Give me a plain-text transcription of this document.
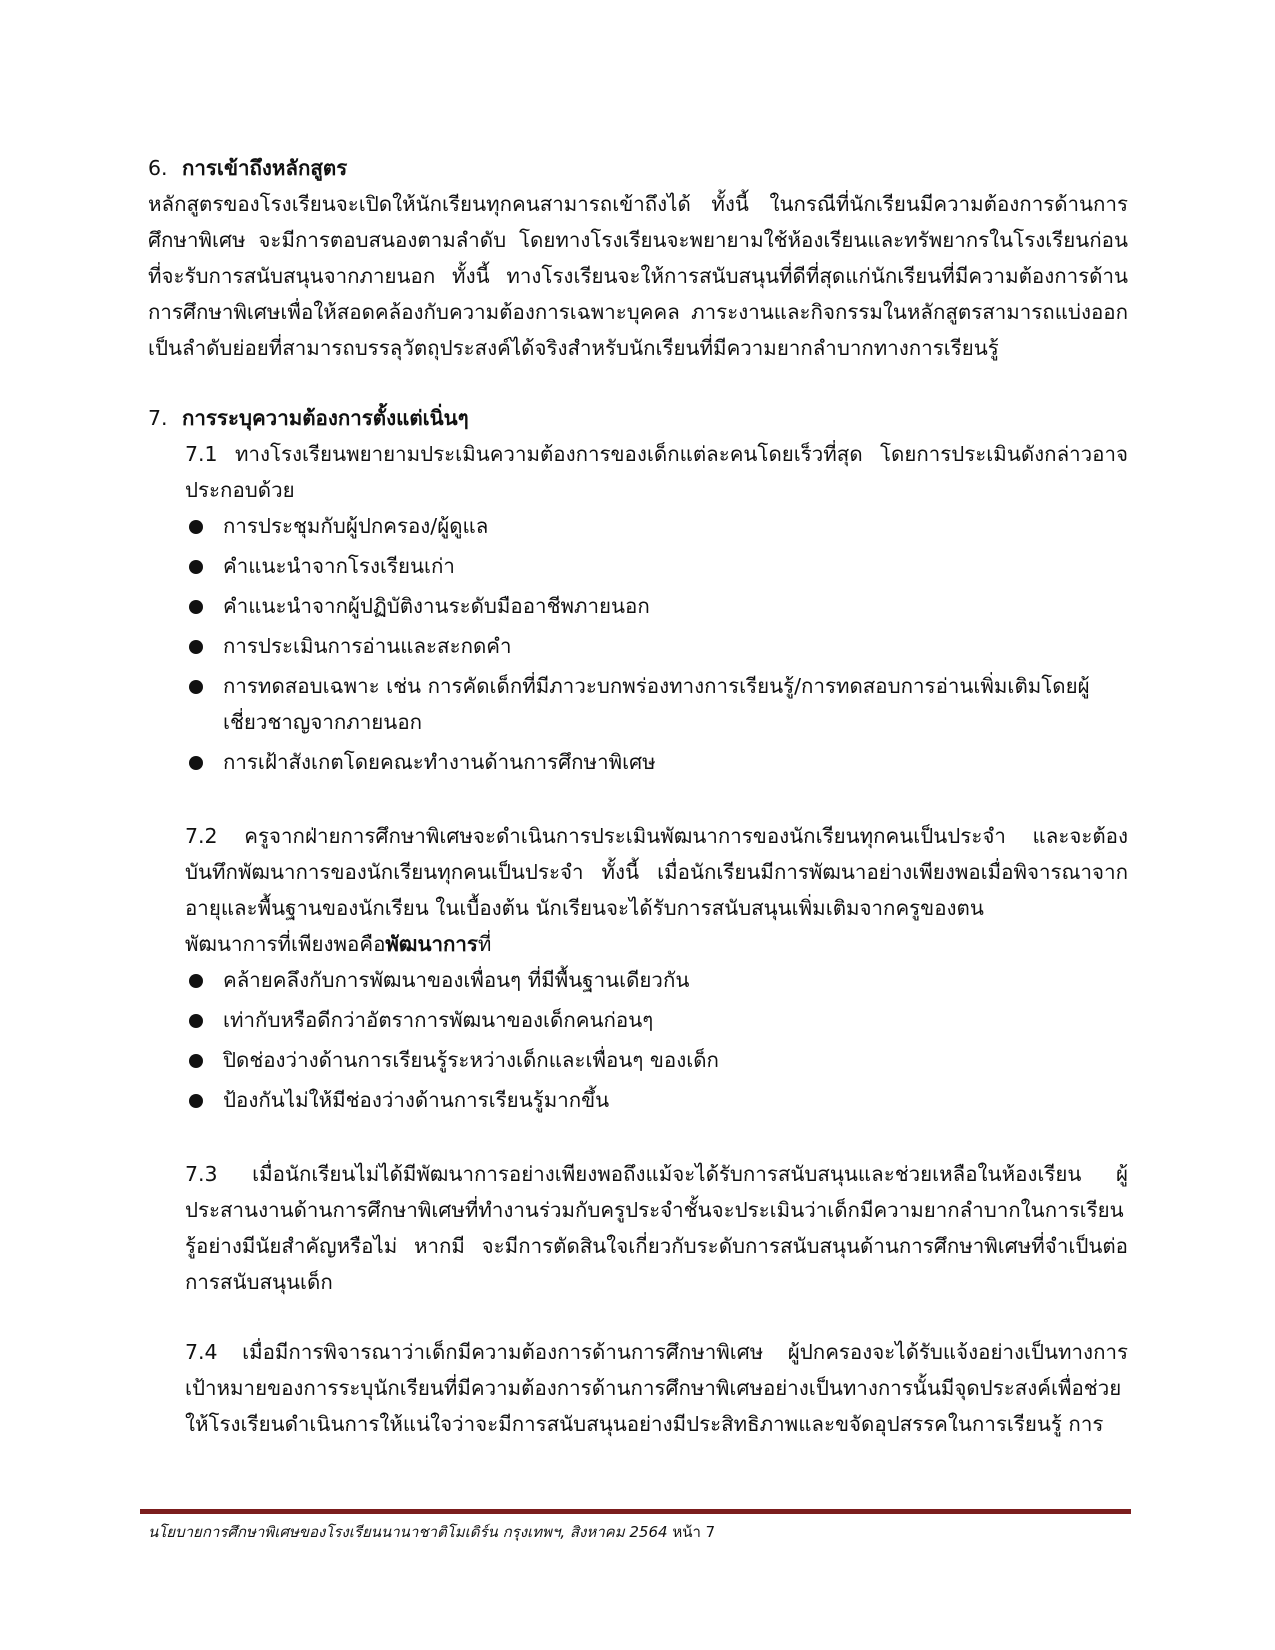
6. การเข้าถึงหลักสูตร

หลักสูตรของโรงเรียนจะเปิดให้นักเรียนทุกคนสามารถเข้าถึงได้ ทั้งนี้ ในกรณีที่นักเรียนมีความต้องการด้านการศึกษาพิเศษ จะมีการตอบสนองตามลำดับ โดยทางโรงเรียนจะพยายามใช้ห้องเรียนและทรัพยากรในโรงเรียนก่อนที่จะรับการสนับสนุนจากภายนอก ทั้งนี้ ทางโรงเรียนจะให้การสนับสนุนที่ดีที่สุดแก่นักเรียนที่มีความต้องการด้านการศึกษาพิเศษเพื่อให้สอดคล้องกับความต้องการเฉพาะบุคคล ภาระงานและกิจกรรมในหลักสูตรสามารถแบ่งออกเป็นลำดับย่อยที่สามารถบรรลุวัตถุประสงค์ได้จริงสำหรับนักเรียนที่มีความยากลำบากทางการเรียนรู้

7. การระบุความต้องการตั้งแต่เนิ่นๆ

7.1 ทางโรงเรียนพยายามประเมินความต้องการของเด็กแต่ละคนโดยเร็วที่สุด โดยการประเมินดังกล่าวอาจประกอบด้วย

การประชุมกับผู้ปกครอง/ผู้ดูแล
คำแนะนำจากโรงเรียนเก่า
คำแนะนำจากผู้ปฏิบัติงานระดับมืออาชีพภายนอก
การประเมินการอ่านและสะกดคำ
การทดสอบเฉพาะ เช่น การคัดเด็กที่มีภาวะบกพร่องทางการเรียนรู้/การทดสอบการอ่านเพิ่มเติมโดยผู้เชี่ยวชาญจากภายนอก
การเฝ้าสังเกตโดยคณะทำงานด้านการศึกษาพิเศษ

7.2 ครูจากฝ่ายการศึกษาพิเศษจะดำเนินการประเมินพัฒนาการของนักเรียนทุกคนเป็นประจำ และจะต้องบันทึกพัฒนาการของนักเรียนทุกคนเป็นประจำ ทั้งนี้ เมื่อนักเรียนมีการพัฒนาอย่างเพียงพอเมื่อพิจารณาจากอายุและพื้นฐานของนักเรียน ในเบื้องต้น นักเรียนจะได้รับการสนับสนุนเพิ่มเติมจากครูของตน

พัฒนาการที่เพียงพอคือพัฒนาการที่

คล้ายคลึงกับการพัฒนาของเพื่อนๆ ที่มีพื้นฐานเดียวกัน
เท่ากับหรือดีกว่าอัตราการพัฒนาของเด็กคนก่อนๆ
ปิดช่องว่างด้านการเรียนรู้ระหว่างเด็กและเพื่อนๆ ของเด็ก
ป้องกันไม่ให้มีช่องว่างด้านการเรียนรู้มากขึ้น

7.3 เมื่อนักเรียนไม่ได้มีพัฒนาการอย่างเพียงพอถึงแม้จะได้รับการสนับสนุนและช่วยเหลือในห้องเรียน ผู้ประสานงานด้านการศึกษาพิเศษที่ทำงานร่วมกับครูประจำชั้นจะประเมินว่าเด็กมีความยากลำบากในการเรียนรู้อย่างมีนัยสำคัญหรือไม่ หากมี จะมีการตัดสินใจเกี่ยวกับระดับการสนับสนุนด้านการศึกษาพิเศษที่จำเป็นต่อการสนับสนุนเด็ก

7.4 เมื่อมีการพิจารณาว่าเด็กมีความต้องการด้านการศึกษาพิเศษ ผู้ปกครองจะได้รับแจ้งอย่างเป็นทางการ เป้าหมายของการระบุนักเรียนที่มีความต้องการด้านการศึกษาพิเศษอย่างเป็นทางการนั้นมีจุดประสงค์เพื่อช่วยให้โรงเรียนดำเนินการให้แน่ใจว่าจะมีการสนับสนุนอย่างมีประสิทธิภาพและขจัดอุปสรรคในการเรียนรู้ การ

นโยบายการศึกษาพิเศษของโรงเรียนนานาชาติโมเดิร์น กรุงเทพฯ, สิงหาคม 2564 หน้า 7
